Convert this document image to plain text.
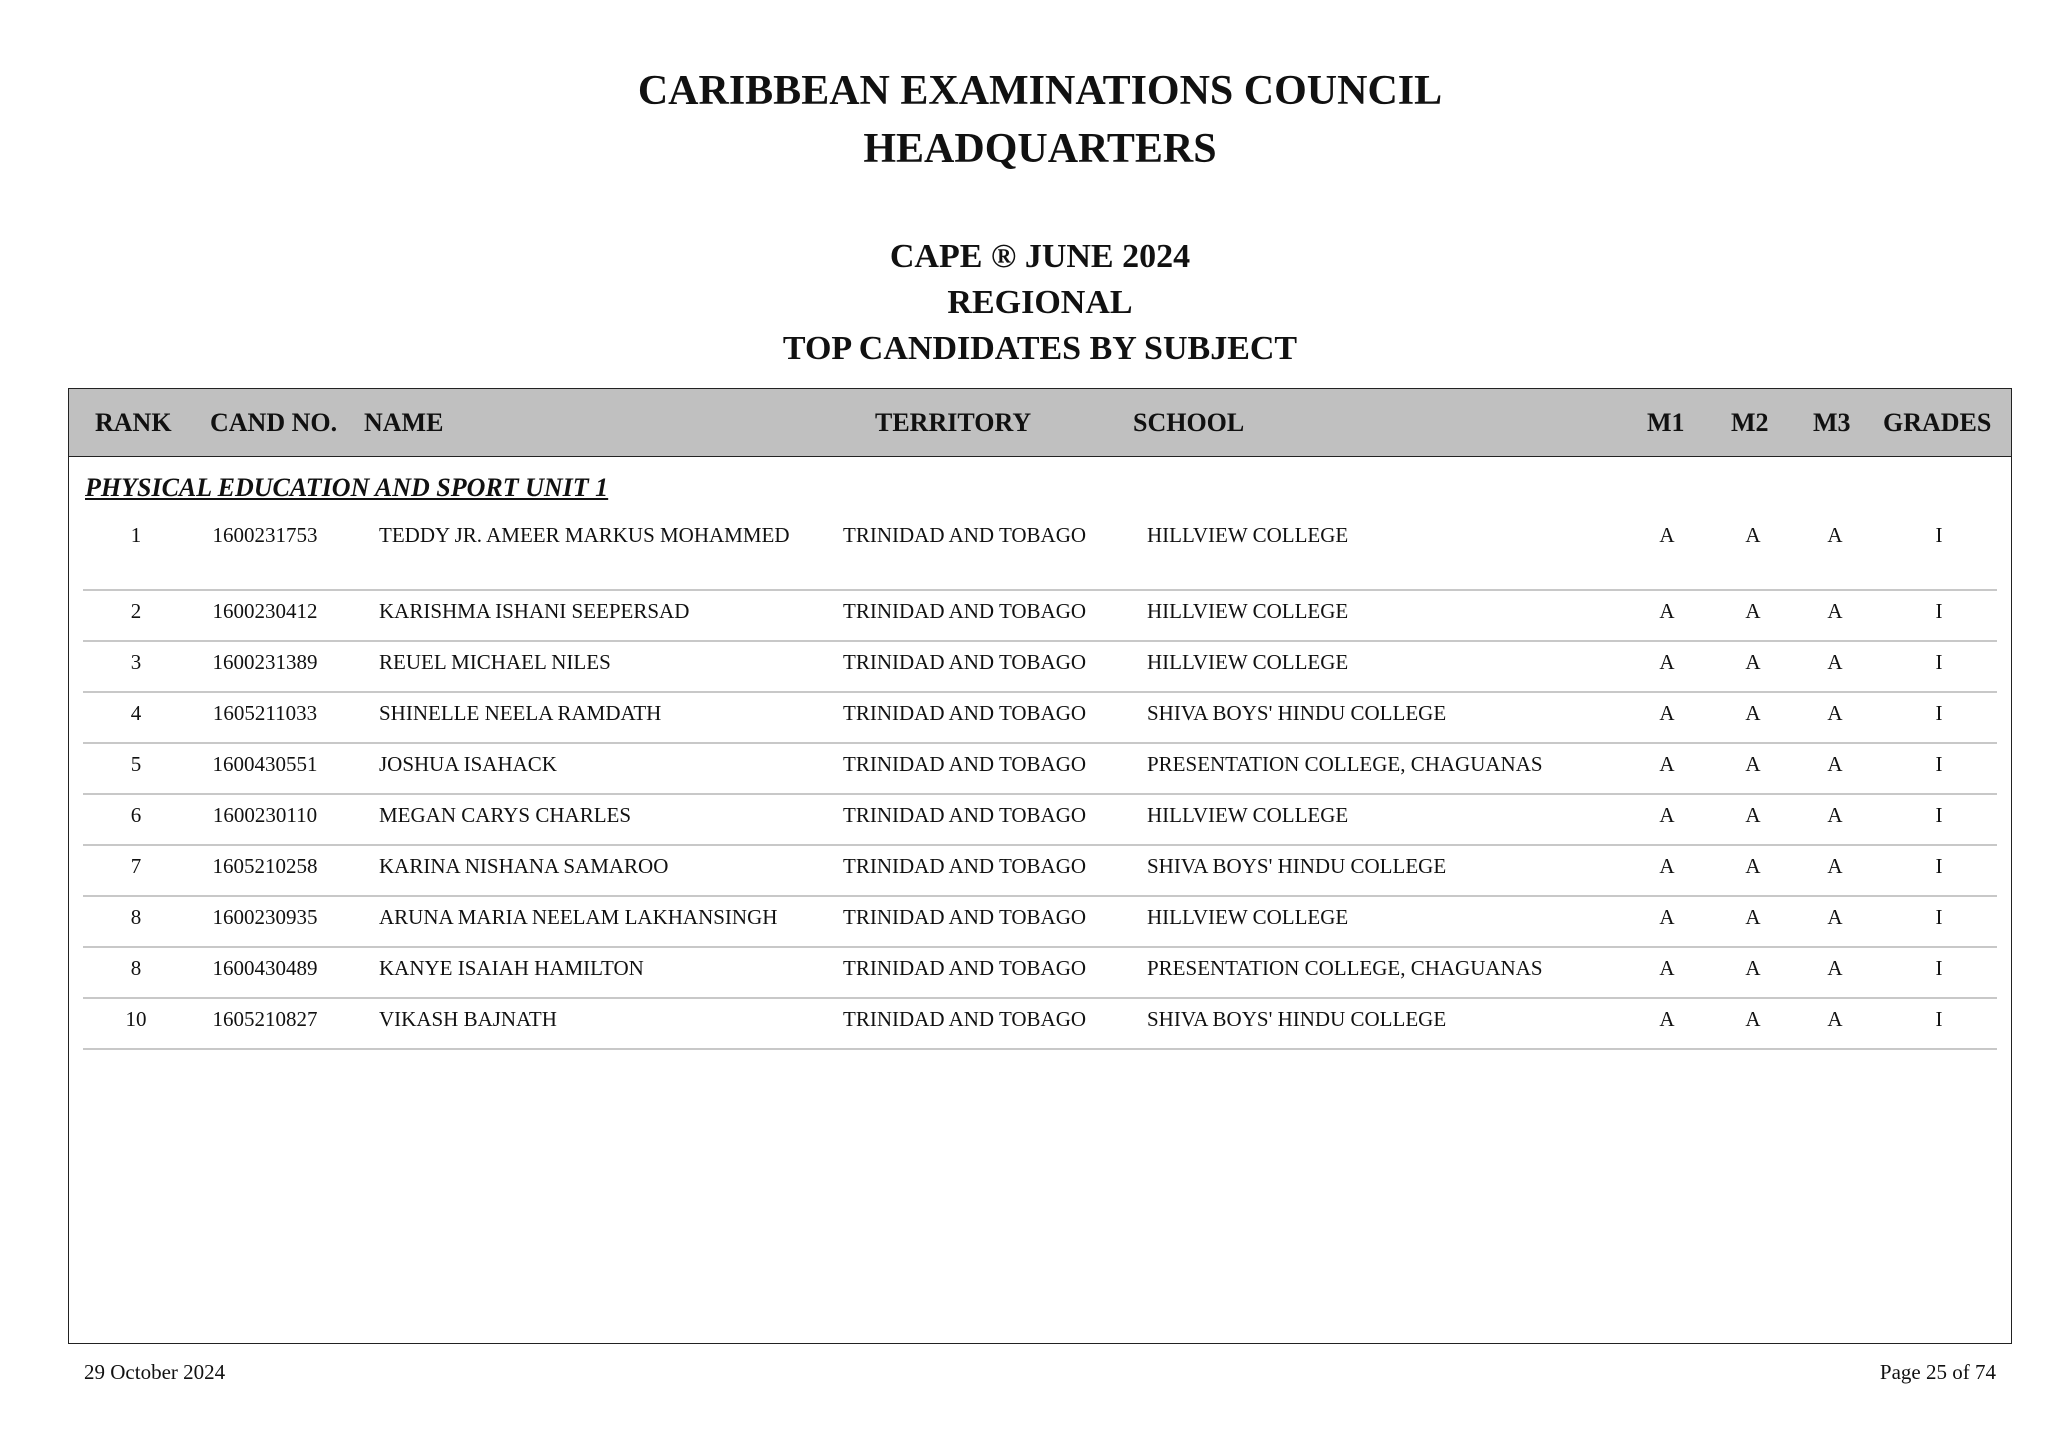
CARIBBEAN EXAMINATIONS COUNCIL
HEADQUARTERS
CAPE ® JUNE 2024
REGIONAL
TOP CANDIDATES BY SUBJECT
RANK CAND NO. NAME	TERRITORY	SCHOOL	M1 M2 M3 GRADES
PHYSICAL EDUCATION AND SPORT UNIT 1
1	1600231753	TEDDY JR. AMEER MARKUS MOHAMMED	TRINIDAD AND TOBAGO	HILLVIEW COLLEGE	A	A	A	I
2	1600230412	KARISHMA ISHANI SEEPERSAD	TRINIDAD AND TOBAGO	HILLVIEW COLLEGE	A	A	A	I
3	1600231389	REUEL MICHAEL NILES	TRINIDAD AND TOBAGO	HILLVIEW COLLEGE	A	A	A	I
4	1605211033	SHINELLE NEELA RAMDATH	TRINIDAD AND TOBAGO	SHIVA BOYS' HINDU COLLEGE	A	A	A	I
5	1600430551	JOSHUA ISAHACK	TRINIDAD AND TOBAGO	PRESENTATION COLLEGE, CHAGUANAS	A	A	A	I
6	1600230110	MEGAN CARYS CHARLES	TRINIDAD AND TOBAGO	HILLVIEW COLLEGE	A	A	A	I
7	1605210258	KARINA NISHANA SAMAROO	TRINIDAD AND TOBAGO	SHIVA BOYS' HINDU COLLEGE	A	A	A	I
8	1600230935	ARUNA MARIA NEELAM LAKHANSINGH	TRINIDAD AND TOBAGO	HILLVIEW COLLEGE	A	A	A	I
8	1600430489	KANYE ISAIAH HAMILTON	TRINIDAD AND TOBAGO	PRESENTATION COLLEGE, CHAGUANAS	A	A	A	I
10	1605210827	VIKASH BAJNATH	TRINIDAD AND TOBAGO	SHIVA BOYS' HINDU COLLEGE	A	A	A	I
29 October 2024	Page 25 of 74
